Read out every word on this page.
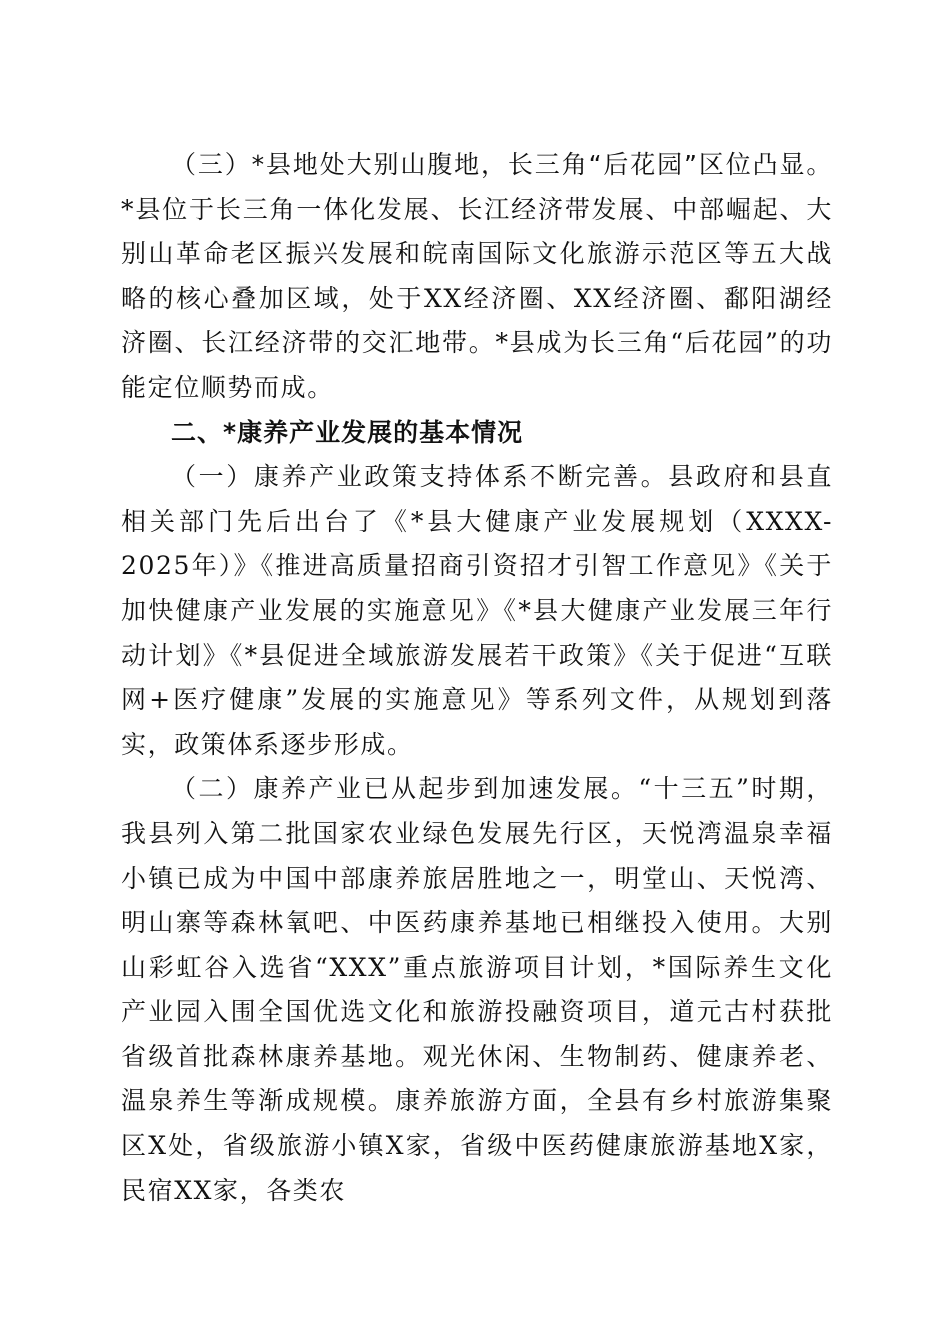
（三）*县地处大别山腹地，长三角“后花园”区位凸显。*县位于长三角一体化发展、长江经济带发展、中部崛起、大别山革命老区振兴发展和皖南国际文化旅游示范区等五大战略的核心叠加区域，处于XX经济圈、XX经济圈、鄱阳湖经济圈、长江经济带的交汇地带。*县成为长三角“后花园”的功能定位顺势而成。

二、*康养产业发展的基本情况

（一）康养产业政策支持体系不断完善。县政府和县直相关部门先后出台了《*县大健康产业发展规划（XXXX-2025年）》《推进高质量招商引资招才引智工作意见》《关于加快健康产业发展的实施意见》《*县大健康产业发展三年行动计划》《*县促进全域旅游发展若干政策》《关于促进“互联网+医疗健康”发展的实施意见》等系列文件，从规划到落实，政策体系逐步形成。

（二）康养产业已从起步到加速发展。“十三五”时期，我县列入第二批国家农业绿色发展先行区，天悦湾温泉幸福小镇已成为中国中部康养旅居胜地之一，明堂山、天悦湾、明山寨等森林氧吧、中医药康养基地已相继投入使用。大别山彩虹谷入选省“XXX”重点旅游项目计划，*国际养生文化产业园入围全国优选文化和旅游投融资项目，道元古村获批省级首批森林康养基地。观光休闲、生物制药、健康养老、温泉养生等渐成规模。康养旅游方面，全县有乡村旅游集聚区X处，省级旅游小镇X家，省级中医药健康旅游基地X家，民宿XX家，各类农
